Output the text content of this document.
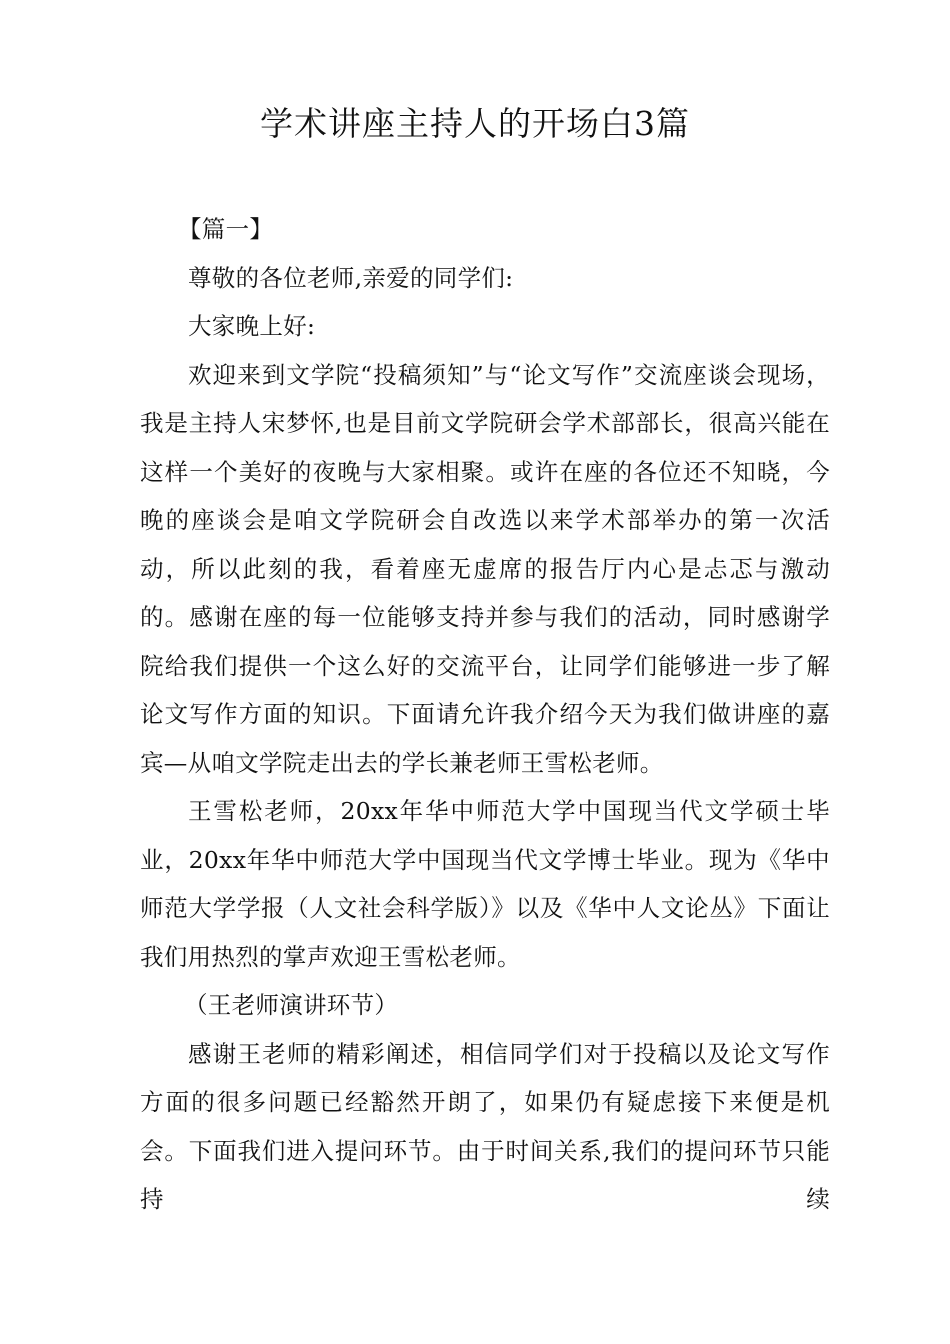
学术讲座主持人的开场白3篇

【篇一】

尊敬的各位老师,亲爱的同学们:

大家晚上好:

欢迎来到文学院“投稿须知”与“论文写作”交流座谈会现场，我是主持人宋梦怀,也是目前文学院研会学术部部长，很高兴能在这样一个美好的夜晚与大家相聚。或许在座的各位还不知晓，今晚的座谈会是咱文学院研会自改选以来学术部举办的第一次活动，所以此刻的我，看着座无虚席的报告厅内心是忐忑与激动的。感谢在座的每一位能够支持并参与我们的活动，同时感谢学院给我们提供一个这么好的交流平台，让同学们能够进一步了解论文写作方面的知识。下面请允许我介绍今天为我们做讲座的嘉宾—从咱文学院走出去的学长兼老师王雪松老师。

王雪松老师，20xx年华中师范大学中国现当代文学硕士毕业，20xx年华中师范大学中国现当代文学博士毕业。现为《华中师范大学学报（人文社会科学版）》以及《华中人文论丛》下面让我们用热烈的掌声欢迎王雪松老师。

（王老师演讲环节）

感谢王老师的精彩阐述，相信同学们对于投稿以及论文写作方面的很多问题已经豁然开朗了，如果仍有疑虑接下来便是机会。下面我们进入提问环节。由于时间关系,我们的提问环节只能持续
